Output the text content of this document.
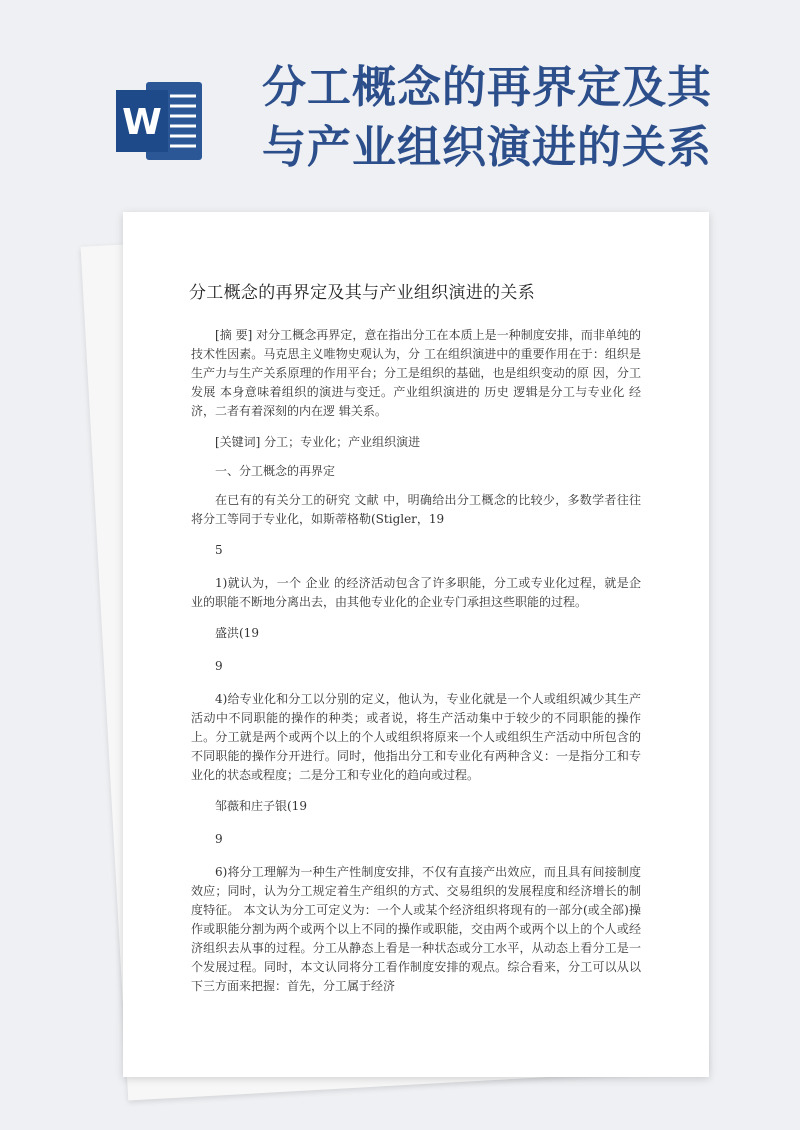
W
分工概念的再界定及其
与产业组织演进的关系
分工概念的再界定及其与产业组织演进的关系

[摘 要] 对分工概念再界定，意在指出分工在本质上是一种制度安排，而非单纯的技术性因素。马克思主义唯物史观认为，分 工在组织演进中的重要作用在于：组织是生产力与生产关系原理的作用平台；分工是组织的基础，也是组织变动的原 因，分工发展 本身意味着组织的演进与变迁。产业组织演进的 历史 逻辑是分工与专业化 经济，二者有着深刻的内在逻 辑关系。

[关键词] 分工；专业化；产业组织演进

一、分工概念的再界定

在已有的有关分工的研究 文献 中，明确给出分工概念的比较少，多数学者往往将分工等同于专业化，如斯蒂格勒(Stigler，19

5

1)就认为，一个 企业 的经济活动包含了许多职能，分工或专业化过程，就是企业的职能不断地分离出去，由其他专业化的企业专门承担这些职能的过程。

盛洪(19

9

4)给专业化和分工以分别的定义，他认为，专业化就是一个人或组织减少其生产活动中不同职能的操作的种类；或者说，将生产活动集中于较少的不同职能的操作上。分工就是两个或两个以上的个人或组织将原来一个人或组织生产活动中所包含的不同职能的操作分开进行。同时，他指出分工和专业化有两种含义：一是指分工和专业化的状态或程度；二是分工和专业化的趋向或过程。

邹薇和庄子银(19

9

6)将分工理解为一种生产性制度安排，不仅有直接产出效应，而且具有间接制度效应；同时，认为分工规定着生产组织的方式、交易组织的发展程度和经济增长的制度特征。 本文认为分工可定义为：一个人或某个经济组织将现有的一部分(或全部)操作或职能分割为两个或两个以上不同的操作或职能，交由两个或两个以上的个人或经济组织去从事的过程。分工从静态上看是一种状态或分工水平，从动态上看分工是一个发展过程。同时，本文认同将分工看作制度安排的观点。综合看来，分工可以从以下三方面来把握：首先，分工属于经济
